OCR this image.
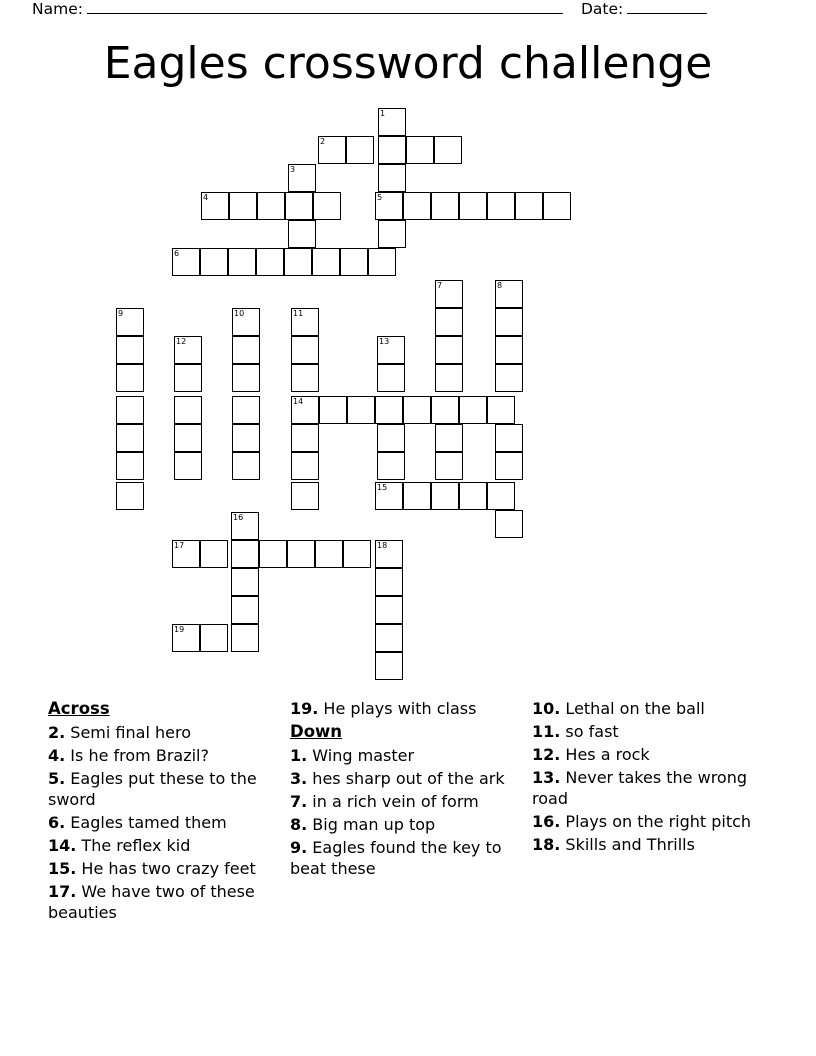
Name:	Date:
Eagles crossword challenge
1
2
3
4	5
6
7	8
9	10	11
12	13
14
15
16
17	18
19
Across
2. Semi final hero
4. Is he from Brazil?
5. Eagles put these to the sword
6. Eagles tamed them
14. The reflex kid
15. He has two crazy feet
17. We have two of these beauties
19. He plays with class
Down
1. Wing master
3. hes sharp out of the ark
7. in a rich vein of form
8. Big man up top
9. Eagles found the key to beat these
10. Lethal on the ball
11. so fast
12. Hes a rock
13. Never takes the wrong road
16. Plays on the right pitch
18. Skills and Thrills
